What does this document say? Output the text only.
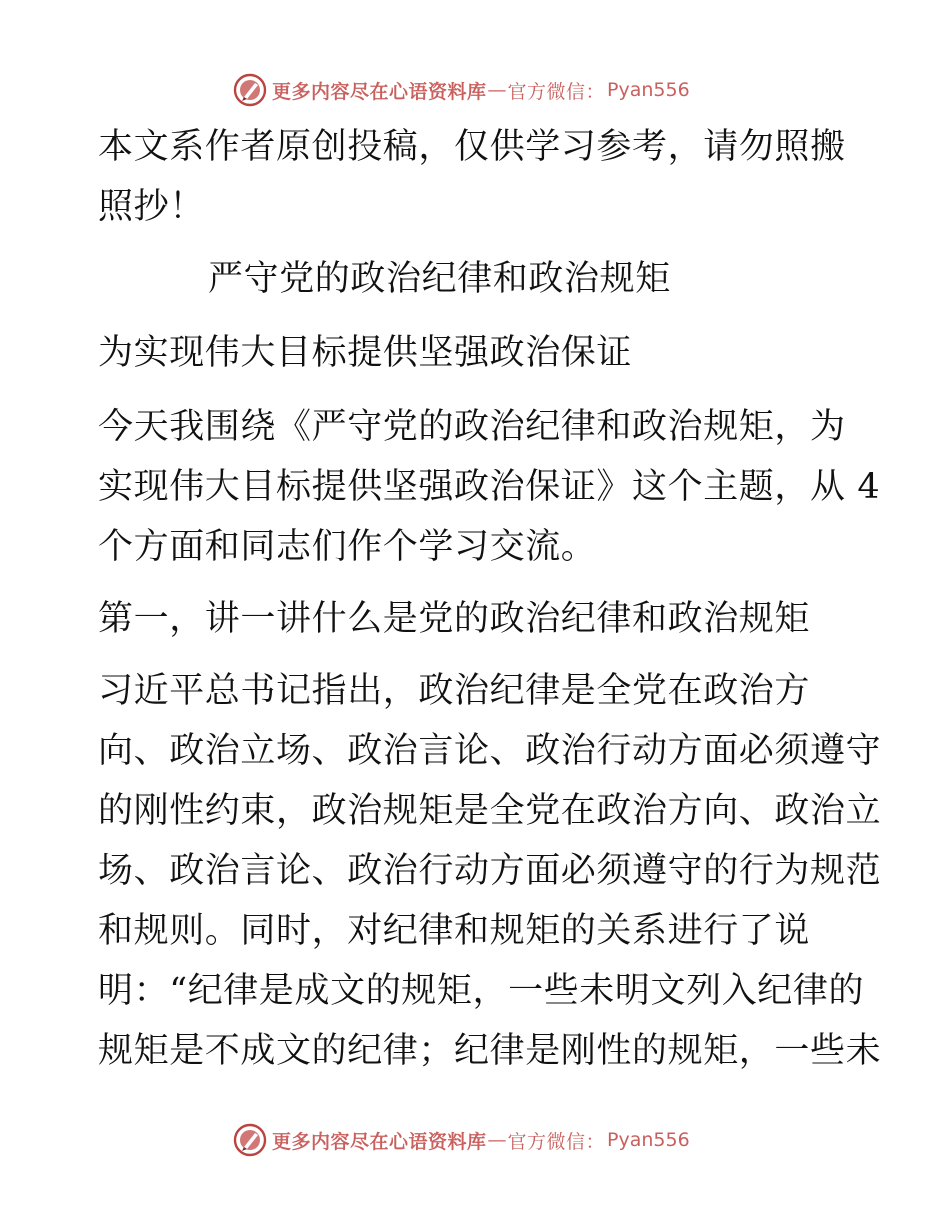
更多内容尽在心语资料库 — 官方微信： Pyan556
本文系作者原创投稿，仅供学习参考，请勿照搬
照抄！
严守党的政治纪律和政治规矩
为实现伟大目标提供坚强政治保证
今天我围绕《严守党的政治纪律和政治规矩，为
实现伟大目标提供坚强政治保证》这个主题，从 4
个方面和同志们作个学习交流。
第一，讲一讲什么是党的政治纪律和政治规矩
习近平总书记指出，政治纪律是全党在政治方
向、政治立场、政治言论、政治行动方面必须遵守
的刚性约束，政治规矩是全党在政治方向、政治立
场、政治言论、政治行动方面必须遵守的行为规范
和规则。同时，对纪律和规矩的关系进行了说
明：“纪律是成文的规矩，一些未明文列入纪律的
规矩是不成文的纪律；纪律是刚性的规矩，一些未
更多内容尽在心语资料库 — 官方微信： Pyan556
